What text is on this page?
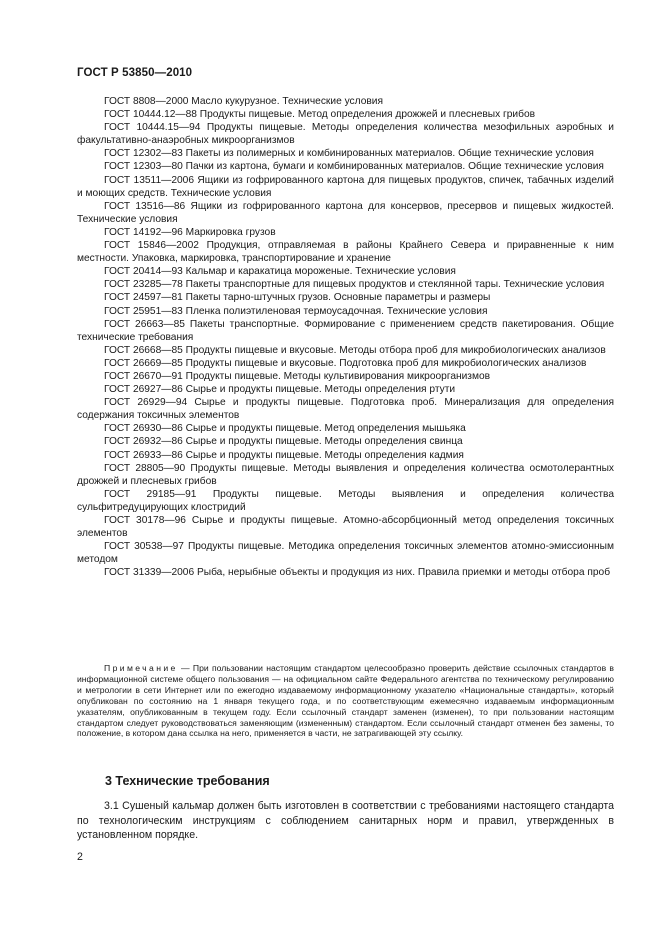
ГОСТ Р 53850—2010

ГОСТ 8808—2000 Масло кукурузное. Технические условия

ГОСТ 10444.12—88 Продукты пищевые. Метод определения дрожжей и плесневых грибов

ГОСТ 10444.15—94 Продукты пищевые. Методы определения количества мезофильных аэробных и факультативно-анаэробных микроорганизмов

ГОСТ 12302—83 Пакеты из полимерных и комбинированных материалов. Общие технические условия

ГОСТ 12303—80 Пачки из картона, бумаги и комбинированных материалов. Общие технические условия

ГОСТ 13511—2006 Ящики из гофрированного картона для пищевых продуктов, спичек, табачных изделий и моющих средств. Технические условия

ГОСТ 13516—86 Ящики из гофрированного картона для консервов, пресервов и пищевых жидкостей. Технические условия

ГОСТ 14192—96 Маркировка грузов

ГОСТ 15846—2002 Продукция, отправляемая в районы Крайнего Севера и приравненные к ним местности. Упаковка, маркировка, транспортирование и хранение

ГОСТ 20414—93 Кальмар и каракатица мороженые. Технические условия

ГОСТ 23285—78 Пакеты транспортные для пищевых продуктов и стеклянной тары. Технические условия

ГОСТ 24597—81 Пакеты тарно-штучных грузов. Основные параметры и размеры

ГОСТ 25951—83 Пленка полиэтиленовая термоусадочная. Технические условия

ГОСТ 26663—85 Пакеты транспортные. Формирование с применением средств пакетирования. Общие технические требования

ГОСТ 26668—85 Продукты пищевые и вкусовые. Методы отбора проб для микробиологических анализов

ГОСТ 26669—85 Продукты пищевые и вкусовые. Подготовка проб для микробиологических анализов

ГОСТ 26670—91 Продукты пищевые. Методы культивирования микроорганизмов

ГОСТ 26927—86 Сырье и продукты пищевые. Методы определения ртути

ГОСТ 26929—94 Сырье и продукты пищевые. Подготовка проб. Минерализация для определения содержания токсичных элементов

ГОСТ 26930—86 Сырье и продукты пищевые. Метод определения мышьяка

ГОСТ 26932—86 Сырье и продукты пищевые. Методы определения свинца

ГОСТ 26933—86 Сырье и продукты пищевые. Методы определения кадмия

ГОСТ 28805—90 Продукты пищевые. Методы выявления и определения количества осмотолерантных дрожжей и плесневых грибов

ГОСТ 29185—91 Продукты пищевые. Методы выявления и определения количества сульфитредуцирующих клостридий

ГОСТ 30178—96 Сырье и продукты пищевые. Атомно-абсорбционный метод определения токсичных элементов

ГОСТ 30538—97 Продукты пищевые. Методика определения токсичных элементов атомно-эмиссионным методом

ГОСТ 31339—2006 Рыба, нерыбные объекты и продукция из них. Правила приемки и методы отбора проб

Примечание — При пользовании настоящим стандартом целесообразно проверить действие ссылочных стандартов в информационной системе общего пользования — на официальном сайте Федерального агентства по техническому регулированию и метрологии в сети Интернет или по ежегодно издаваемому информационному указателю «Национальные стандарты», который опубликован по состоянию на 1 января текущего года, и по соответствующим ежемесячно издаваемым информационным указателям, опубликованным в текущем году. Если ссылочный стандарт заменен (изменен), то при пользовании настоящим стандартом следует руководствоваться заменяющим (измененным) стандартом. Если ссылочный стандарт отменен без замены, то положение, в котором дана ссылка на него, применяется в части, не затрагивающей эту ссылку.

3 Технические требования

3.1 Сушеный кальмар должен быть изготовлен в соответствии с требованиями настоящего стандарта по технологическим инструкциям с соблюдением санитарных норм и правил, утвержденных в установленном порядке.

2
